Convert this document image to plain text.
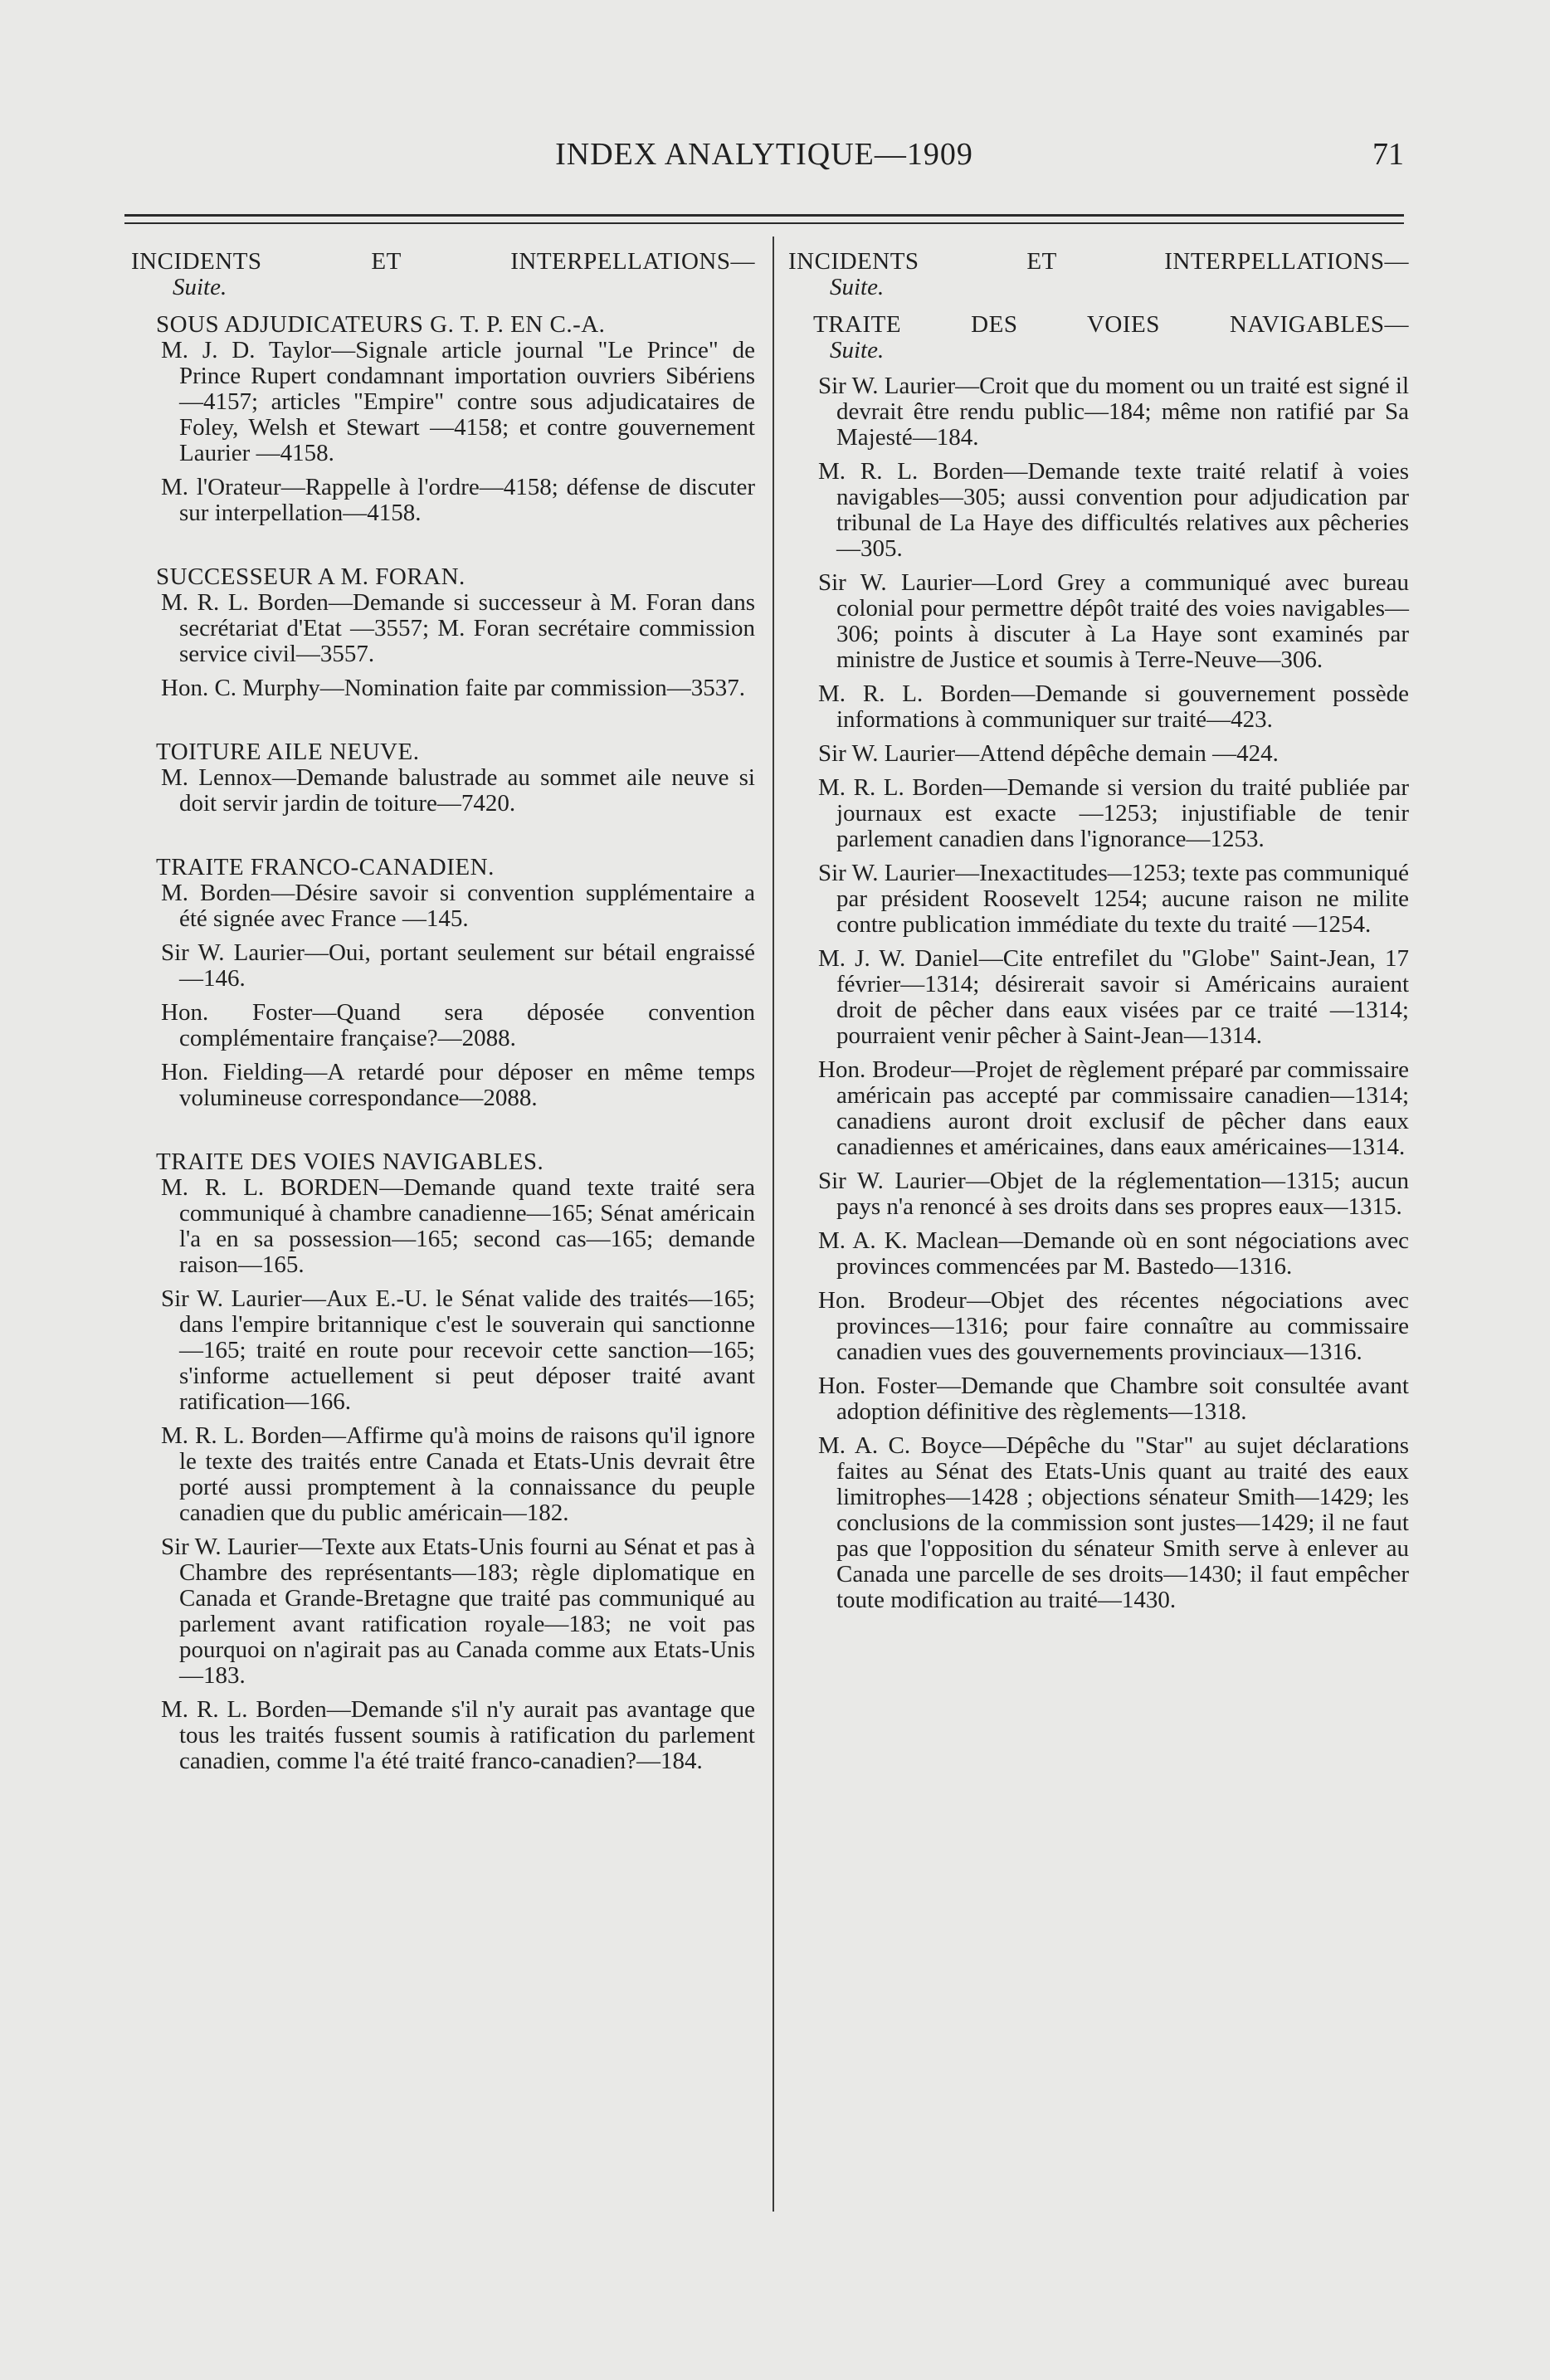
INDEX ANALYTIQUE—1909	71
INCIDENTS ET INTERPELLATIONS—
Suite.
SOUS ADJUDICATEURS G. T. P. EN C.-A.
M. J. D. Taylor—Signale article journal "Le Prince" de Prince Rupert condamnant importation ouvriers Sibériens—4157; articles "Empire" contre sous adjudicataires de Foley, Welsh et Stewart —4158; et contre gouvernement Laurier —4158.
M. l'Orateur—Rappelle à l'ordre—4158; défense de discuter sur interpellation—4158.
SUCCESSEUR A M. FORAN.
M. R. L. Borden—Demande si successeur à M. Foran dans secrétariat d'Etat —3557; M. Foran secrétaire commission service civil—3557.
Hon. C. Murphy—Nomination faite par commission—3537.
TOITURE AILE NEUVE.
M. Lennox—Demande balustrade au sommet aile neuve si doit servir jardin de toiture—7420.
TRAITE FRANCO-CANADIEN.
M. Borden—Désire savoir si convention supplémentaire a été signée avec France —145.
Sir W. Laurier—Oui, portant seulement sur bétail engraissé—146.
Hon. Foster—Quand sera déposée convention complémentaire française?—2088.
Hon. Fielding—A retardé pour déposer en même temps volumineuse correspondance—2088.
TRAITE DES VOIES NAVIGABLES.
M. R. L. BORDEN—Demande quand texte traité sera communiqué à chambre canadienne—165; Sénat américain l'a en sa possession—165; second cas—165; demande raison—165.
Sir W. Laurier—Aux E.-U. le Sénat valide des traités—165; dans l'empire britannique c'est le souverain qui sanctionne—165; traité en route pour recevoir cette sanction—165; s'informe actuellement si peut déposer traité avant ratification—166.
M. R. L. Borden—Affirme qu'à moins de raisons qu'il ignore le texte des traités entre Canada et Etats-Unis devrait être porté aussi promptement à la connaissance du peuple canadien que du public américain—182.
Sir W. Laurier—Texte aux Etats-Unis fourni au Sénat et pas à Chambre des représentants—183; règle diplomatique en Canada et Grande-Bretagne que traité pas communiqué au parlement avant ratification royale—183; ne voit pas pourquoi on n'agirait pas au Canada comme aux Etats-Unis—183.
M. R. L. Borden—Demande s'il n'y aurait pas avantage que tous les traités fussent soumis à ratification du parlement canadien, comme l'a été traité franco-canadien?—184.
INCIDENTS ET INTERPELLATIONS—
Suite.
TRAITE DES VOIES NAVIGABLES—
Suite.
Sir W. Laurier—Croit que du moment ou un traité est signé il devrait être rendu public—184; même non ratifié par Sa Majesté—184.
M. R. L. Borden—Demande texte traité relatif à voies navigables—305; aussi convention pour adjudication par tribunal de La Haye des difficultés relatives aux pêcheries—305.
Sir W. Laurier—Lord Grey a communiqué avec bureau colonial pour permettre dépôt traité des voies navigables—306; points à discuter à La Haye sont examinés par ministre de Justice et soumis à Terre-Neuve—306.
M. R. L. Borden—Demande si gouvernement possède informations à communiquer sur traité—423.
Sir W. Laurier—Attend dépêche demain —424.
M. R. L. Borden—Demande si version du traité publiée par journaux est exacte —1253; injustifiable de tenir parlement canadien dans l'ignorance—1253.
Sir W. Laurier—Inexactitudes—1253; texte pas communiqué par président Roosevelt 1254; aucune raison ne milite contre publication immédiate du texte du traité —1254.
M. J. W. Daniel—Cite entrefilet du "Globe" Saint-Jean, 17 février—1314; désirerait savoir si Américains auraient droit de pêcher dans eaux visées par ce traité —1314; pourraient venir pêcher à Saint-Jean—1314.
Hon. Brodeur—Projet de règlement préparé par commissaire américain pas accepté par commissaire canadien—1314; canadiens auront droit exclusif de pêcher dans eaux canadiennes et américaines, dans eaux américaines—1314.
Sir W. Laurier—Objet de la réglementation—1315; aucun pays n'a renoncé à ses droits dans ses propres eaux—1315.
M. A. K. Maclean—Demande où en sont négociations avec provinces commencées par M. Bastedo—1316.
Hon. Brodeur—Objet des récentes négociations avec provinces—1316; pour faire connaître au commissaire canadien vues des gouvernements provinciaux—1316.
Hon. Foster—Demande que Chambre soit consultée avant adoption définitive des règlements—1318.
M. A. C. Boyce—Dépêche du "Star" au sujet déclarations faites au Sénat des Etats-Unis quant au traité des eaux limitrophes—1428 ; objections sénateur Smith—1429; les conclusions de la commission sont justes—1429; il ne faut pas que l'opposition du sénateur Smith serve à enlever au Canada une parcelle de ses droits—1430; il faut empêcher toute modification au traité—1430.
